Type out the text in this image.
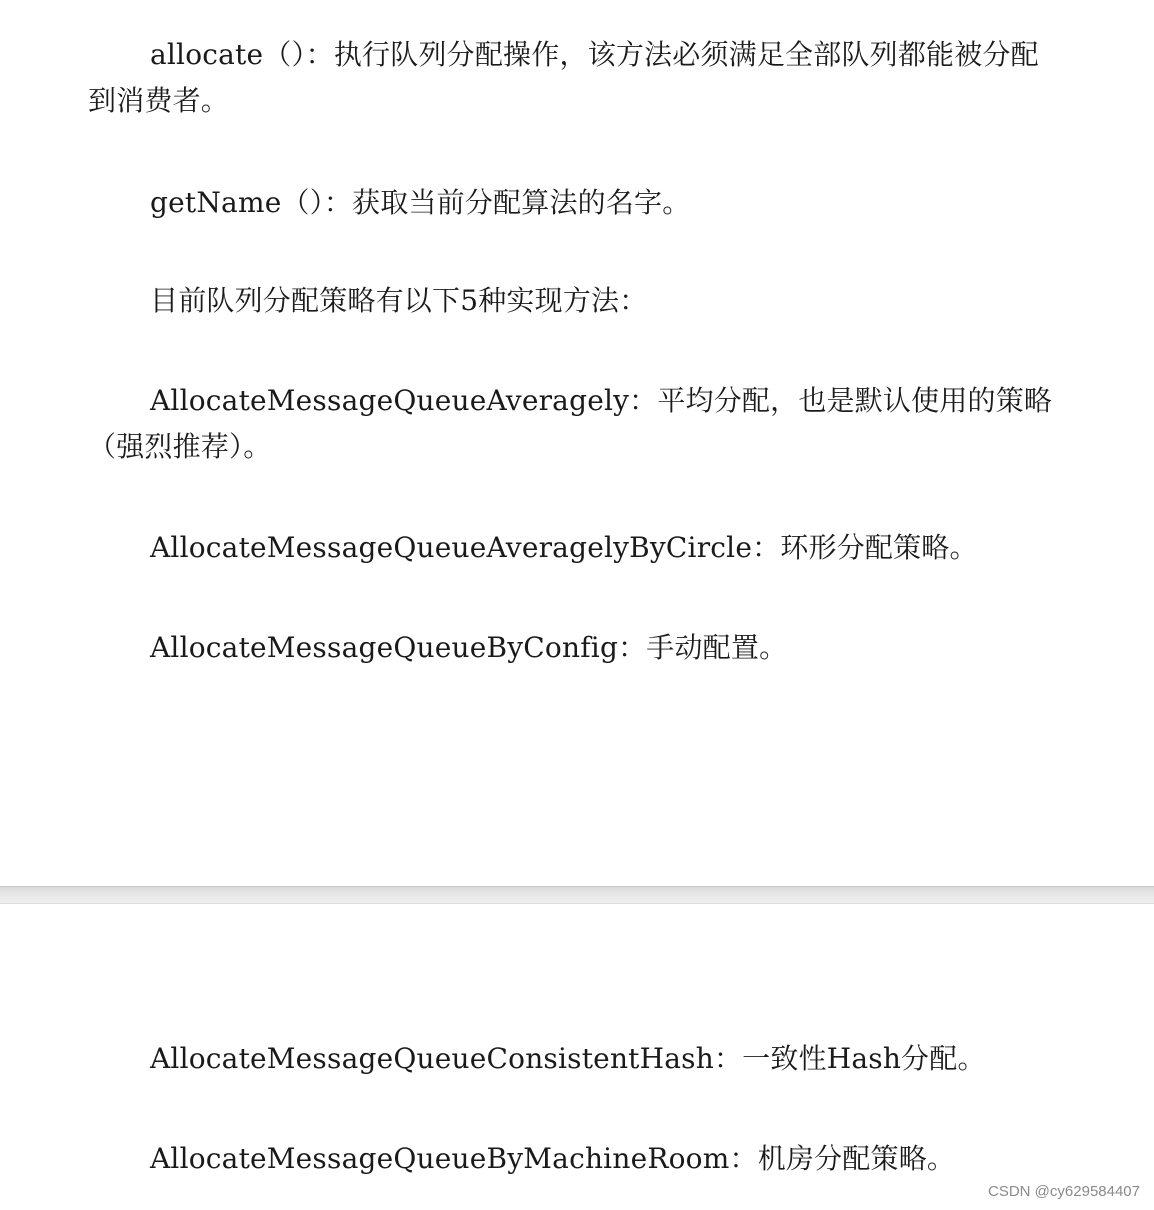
allocate（）：执行队列分配操作，该方法必须满足全部队列都能被分配到消费者。

getName（）：获取当前分配算法的名字。

目前队列分配策略有以下5种实现方法：

AllocateMessageQueueAveragely：平均分配，也是默认使用的策略（强烈推荐）。

AllocateMessageQueueAveragelyByCircle：环形分配策略。

AllocateMessageQueueByConfig：手动配置。

AllocateMessageQueueConsistentHash：一致性Hash分配。

AllocateMessageQueueByMachineRoom：机房分配策略。

CSDN @cy629584407
